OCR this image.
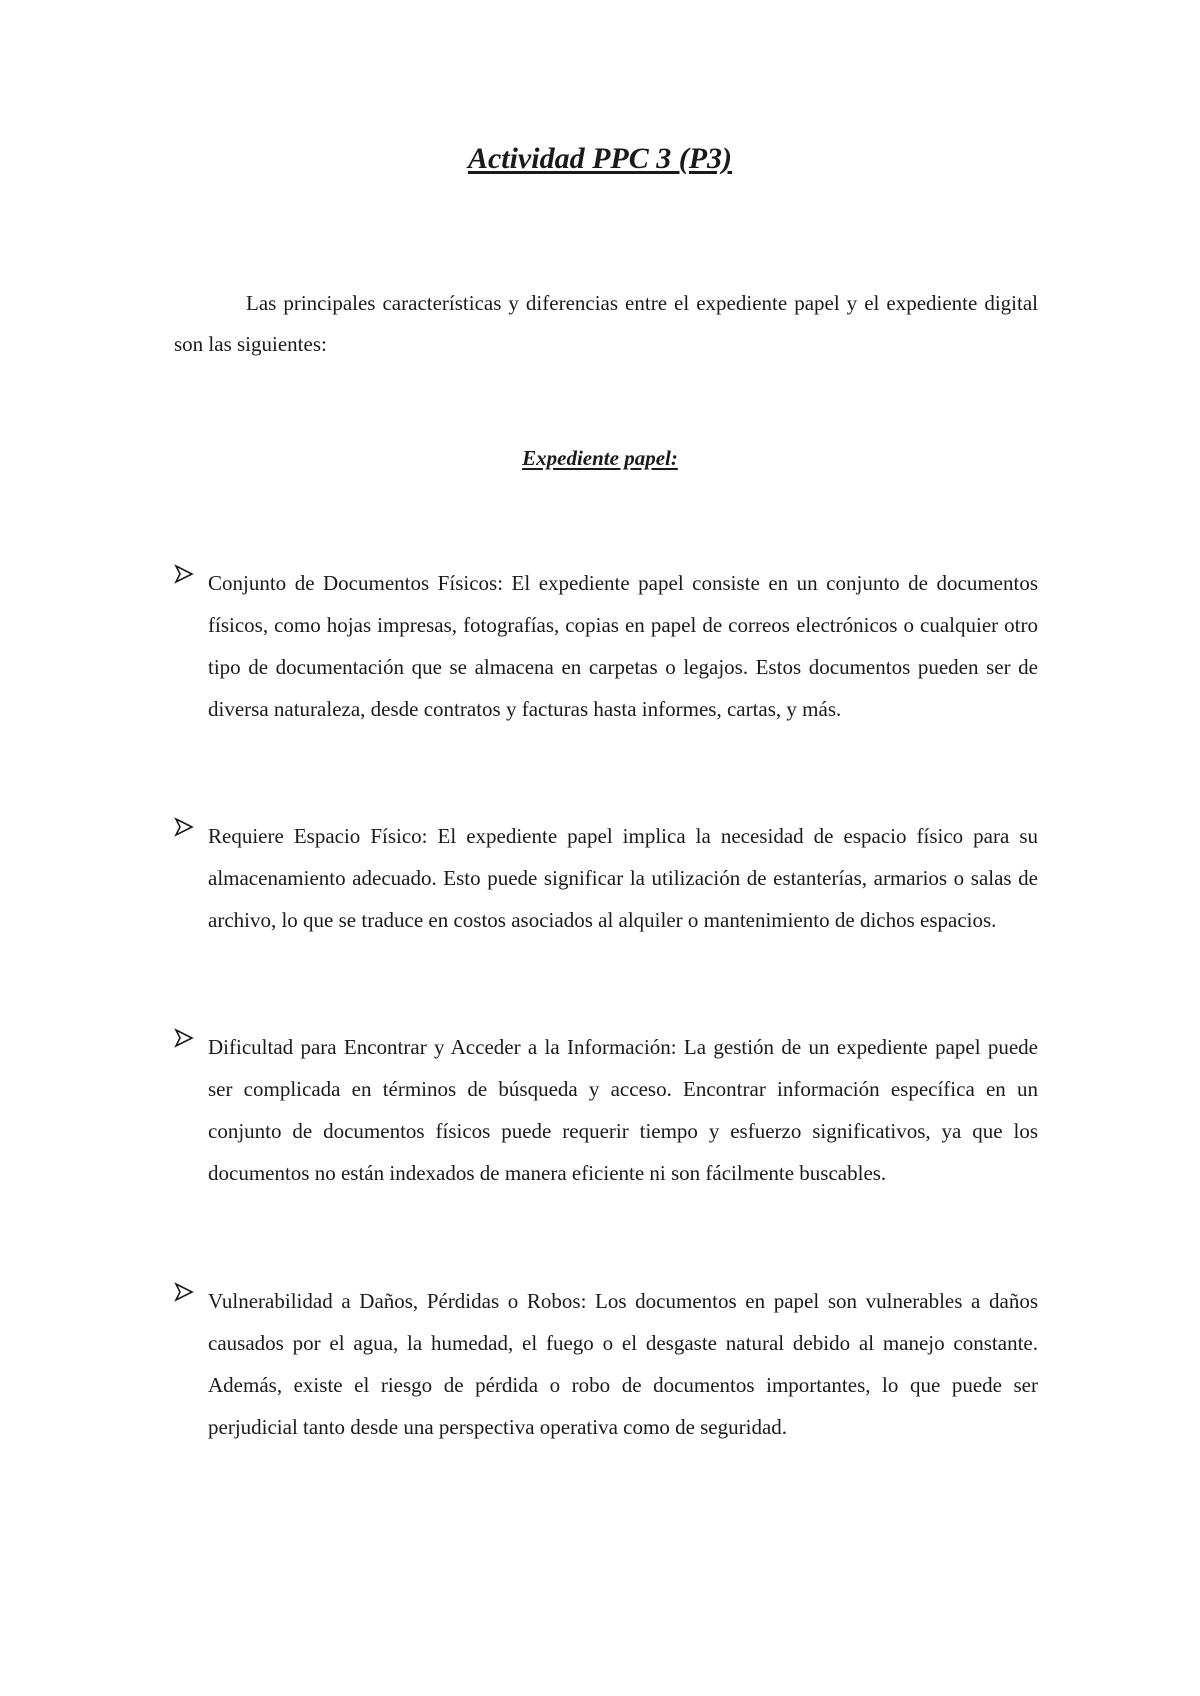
Actividad PPC 3 (P3)

Las principales características y diferencias entre el expediente papel y el expediente digital son las siguientes:

Expediente papel:

Conjunto de Documentos Físicos: El expediente papel consiste en un conjunto de documentos físicos, como hojas impresas, fotografías, copias en papel de correos electrónicos o cualquier otro tipo de documentación que se almacena en carpetas o legajos. Estos documentos pueden ser de diversa naturaleza, desde contratos y facturas hasta informes, cartas, y más.

Requiere Espacio Físico: El expediente papel implica la necesidad de espacio físico para su almacenamiento adecuado. Esto puede significar la utilización de estanterías, armarios o salas de archivo, lo que se traduce en costos asociados al alquiler o mantenimiento de dichos espacios.

Dificultad para Encontrar y Acceder a la Información: La gestión de un expediente papel puede ser complicada en términos de búsqueda y acceso. Encontrar información específica en un conjunto de documentos físicos puede requerir tiempo y esfuerzo significativos, ya que los documentos no están indexados de manera eficiente ni son fácilmente buscables.

Vulnerabilidad a Daños, Pérdidas o Robos: Los documentos en papel son vulnerables a daños causados por el agua, la humedad, el fuego o el desgaste natural debido al manejo constante. Además, existe el riesgo de pérdida o robo de documentos importantes, lo que puede ser perjudicial tanto desde una perspectiva operativa como de seguridad.
